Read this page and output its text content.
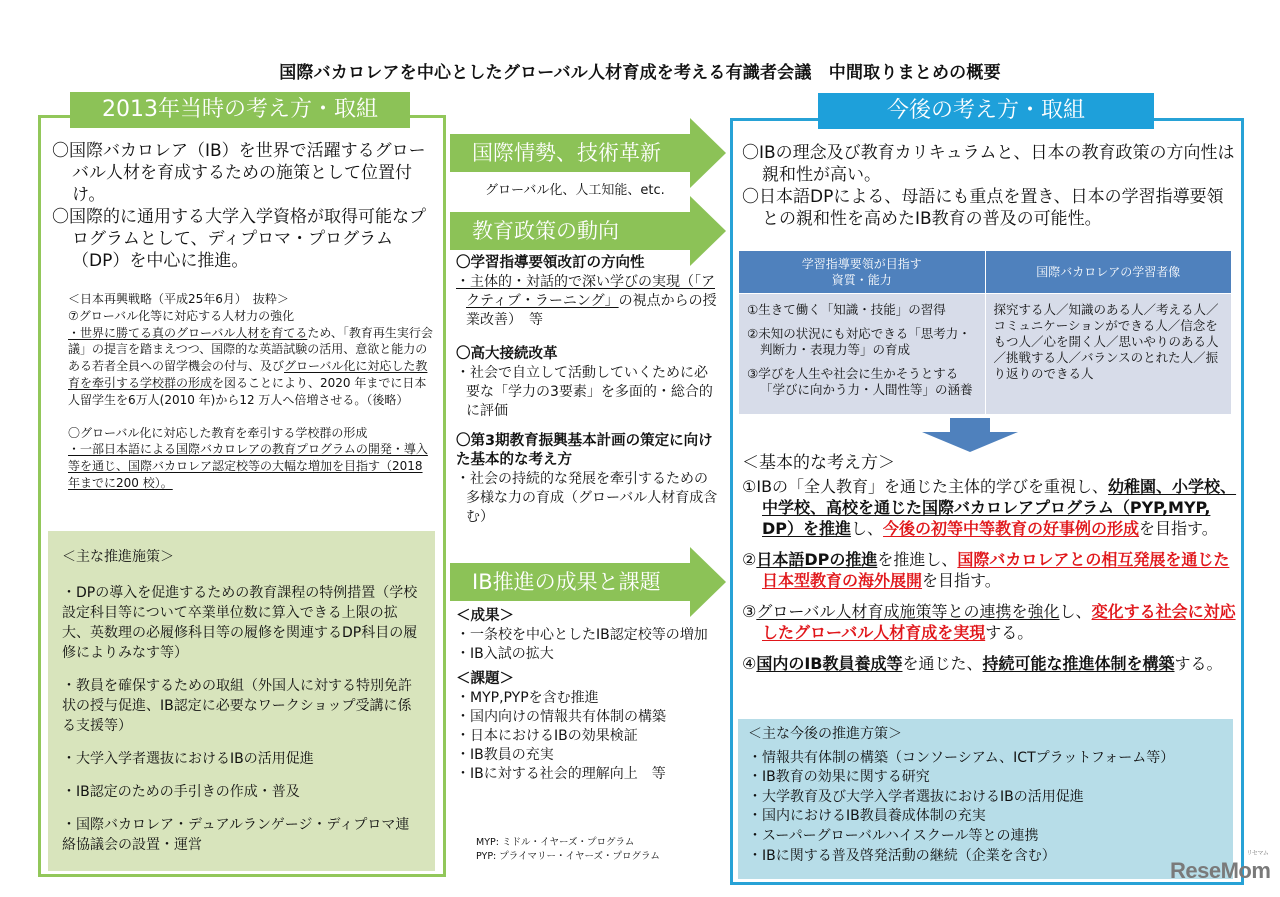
国際バカロレアを中心としたグローバル人材育成を考える有識者会議　中間取りまとめの概要
2013年当時の考え方・取組
〇国際バカロレア（IB）を世界で活躍するグローバル人材を育成するための施策として位置付け。
〇国際的に通用する大学入学資格が取得可能なプログラムとして、ディプロマ・プログラム（DP）を中心に推進。
＜日本再興戦略（平成25年6月）　抜粋＞
⑦グローバル化等に対応する人材力の強化
・世界に勝てる真のグローバル人材を育てるため、「教育再生実行会議」の提言を踏まえつつ、国際的な英語試験の活用、意欲と能力のある若者全員への留学機会の付与、及びグローバル化に対応した教育を牽引する学校群の形成を図ることにより、2020 年までに日本人留学生を6万人(2010 年)から12 万人へ倍増させる。（後略）
〇グローバル化に対応した教育を牽引する学校群の形成
・一部日本語による国際バカロレアの教育プログラムの開発・導入等を通じ、国際バカロレア認定校等の大幅な増加を目指す（2018 年までに200 校）。
＜主な推進施策＞
・DPの導入を促進するための教育課程の特例措置（学校設定科目等について卒業単位数に算入できる上限の拡大、英数理の必履修科目等の履修を関連するDP科目の履修によりみなす等）
・教員を確保するための取組（外国人に対する特別免許状の授与促進、IB認定に必要なワークショップ受講に係る支援等）
・大学入学者選抜におけるIBの活用促進
・IB認定のための手引きの作成・普及
・国際バカロレア・デュアルランゲージ・ディプロマ連絡協議会の設置・運営
国際情勢、技術革新
グローバル化、人工知能、etc.
教育政策の動向
〇学習指導要領改訂の方向性
・主体的・対話的で深い学びの実現（「アクティブ・ラーニング」の視点からの授業改善）　等
〇高大接続改革
・社会で自立して活動していくために必要な「学力の3要素」を多面的・総合的に評価
〇第3期教育振興基本計画の策定に向けた基本的な考え方
・社会の持続的な発展を牽引するための多様な力の育成（グローバル人材育成含む）
IB推進の成果と課題
＜成果＞
・一条校を中心としたIB認定校等の増加
・IB入試の拡大
＜課題＞
・MYP,PYPを含む推進
・国内向けの情報共有体制の構築
・日本におけるIBの効果検証
・IB教員の充実
・IBに対する社会的理解向上　等
MYP: ミドル・イヤーズ・プログラム
PYP: プライマリー・イヤーズ・プログラム
今後の考え方・取組
〇IBの理念及び教育カリキュラムと、日本の教育政策の方向性は親和性が高い。
〇日本語DPによる、母語にも重点を置き、日本の学習指導要領との親和性を高めたIB教育の普及の可能性。
学習指導要領が目指す
資質・能力	国際バカロレアの学習者像

①生きて働く「知識・技能」の習得
②未知の状況にも対応できる「思考力・判断力・表現力等」の育成
③学びを人生や社会に生かそうとする「学びに向かう力・人間性等」の涵養	探究する人／知識のある人／考える人／コミュニケーションができる人／信念をもつ人／心を開く人／思いやりのある人／挑戦する人／バランスのとれた人／振り返りのできる人
＜基本的な考え方＞
①IBの「全人教育」を通じた主体的学びを重視し、幼稚園、小学校、中学校、高校を通じた国際バカロレアプログラム（PYP,MYP, DP）を推進し、今後の初等中等教育の好事例の形成を目指す。
②日本語DPの推進を推進し、国際バカロレアとの相互発展を通じた日本型教育の海外展開を目指す。
③グローバル人材育成施策等との連携を強化し、変化する社会に対応したグローバル人材育成を実現する。
④国内のIB教員養成等を通じた、持続可能な推進体制を構築する。
＜主な今後の推進方策＞
・情報共有体制の構築（コンソーシアム、ICTプラットフォーム等）
・IB教育の効果に関する研究
・大学教育及び大学入学者選抜におけるIBの活用促進
・国内におけるIB教員養成体制の充実
・スーパーグローバルハイスクール等との連携
・IBに関する普及啓発活動の継続（企業を含む）
ReseMom
リセマム
